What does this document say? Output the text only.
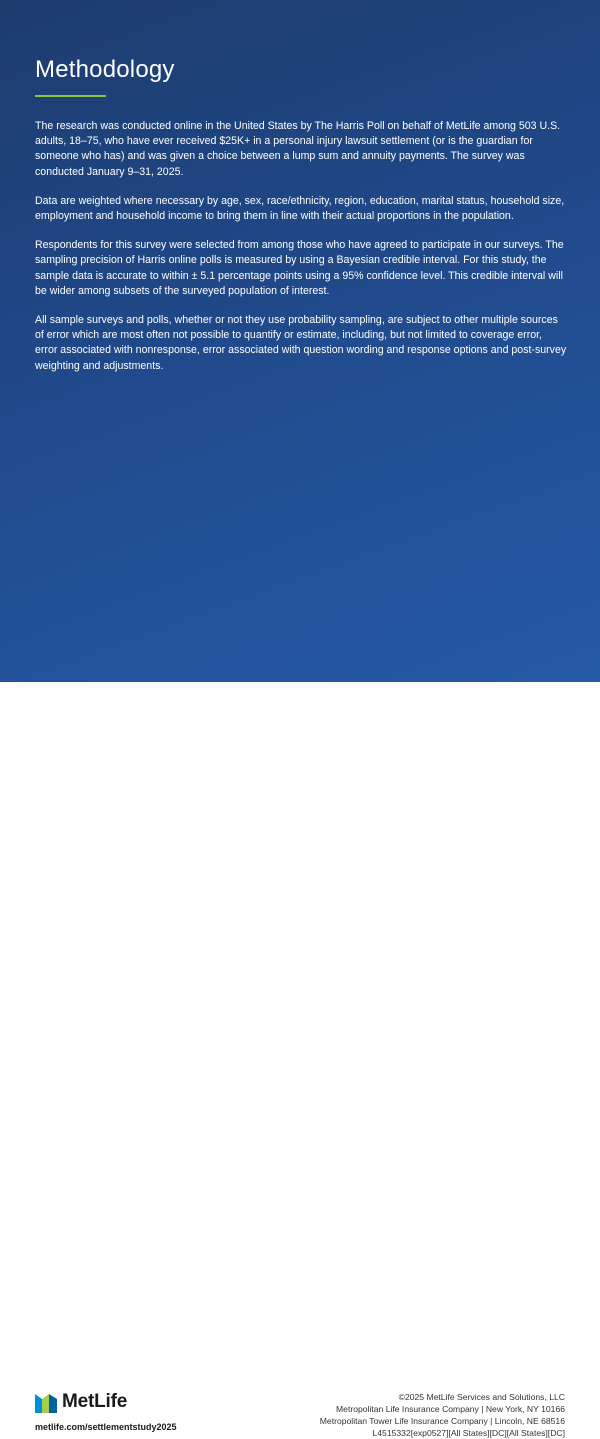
Methodology

The research was conducted online in the United States by The Harris Poll on behalf of MetLife among 503 U.S. adults, 18–75, who have ever received $25K+ in a personal injury lawsuit settlement (or is the guardian for someone who has) and was given a choice between a lump sum and annuity payments. The survey was conducted January 9–31, 2025.

Data are weighted where necessary by age, sex, race/ethnicity, region, education, marital status, household size, employment and household income to bring them in line with their actual proportions in the population.

Respondents for this survey were selected from among those who have agreed to participate in our surveys. The sampling precision of Harris online polls is measured by using a Bayesian credible interval. For this study, the sample data is accurate to within ± 5.1 percentage points using a 95% confidence level. This credible interval will be wider among subsets of the surveyed population of interest.

All sample surveys and polls, whether or not they use probability sampling, are subject to other multiple sources of error which are most often not possible to quantify or estimate, including, but not limited to coverage error, error associated with nonresponse, error associated with question wording and response options and post-survey weighting and adjustments.

MetLife
metlife.com/settlementstudy2025
©2025 MetLife Services and Solutions, LLC
Metropolitan Life Insurance Company | New York, NY 10166
Metropolitan Tower Life Insurance Company | Lincoln, NE 68516
L4515332[exp0527][All States][DC][All States][DC]
